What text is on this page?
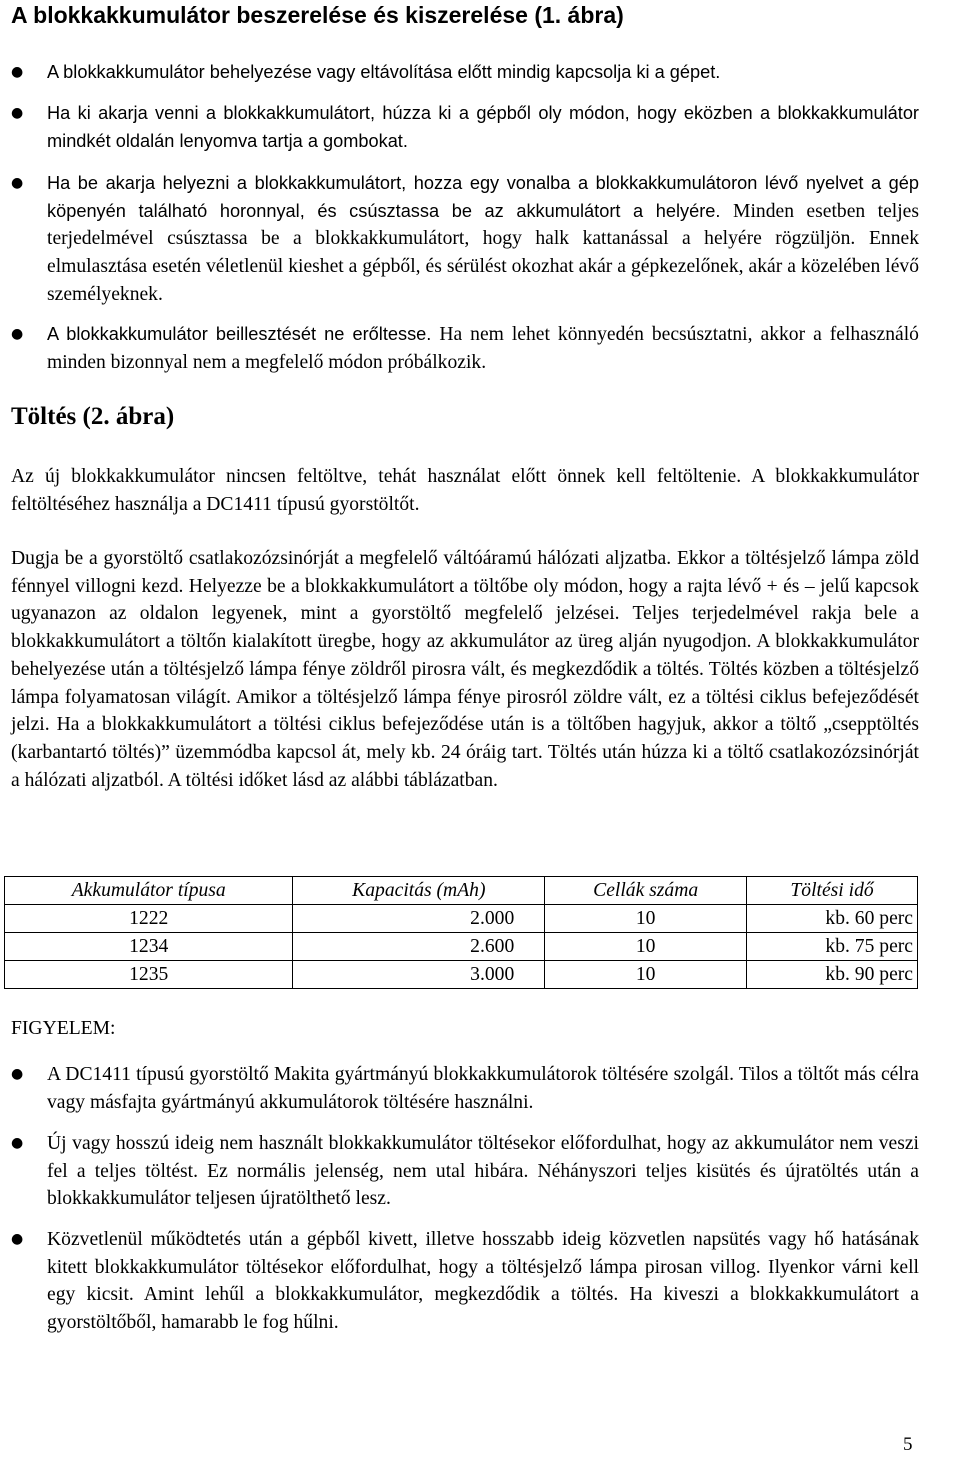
A blokkakkumulátor beszerelése és kiszerelése (1. ábra)
●	A blokkakkumulátor behelyezése vagy eltávolítása előtt mindig kapcsolja ki a gépet.
●	Ha ki akarja venni a blokkakkumulátort, húzza ki a gépből oly módon, hogy eközben a blokkakkumulátor mindkét oldalán lenyomva tartja a gombokat.
●	Ha be akarja helyezni a blokkakkumulátort, hozza egy vonalba a blokkakkumulátoron lévő nyelvet a gép köpenyén található horonnyal, és csúsztassa be az akkumulátort a helyére. Minden esetben teljes terjedelmével csúsztassa be a blokkakkumulátort, hogy halk kattanással a helyére rögzüljön. Ennek elmulasztása esetén véletlenül kieshet a gépből, és sérülést okozhat akár a gépkezelőnek, akár a közelében lévő személyeknek.
●	A blokkakkumulátor beillesztését ne erőltesse. Ha nem lehet könnyedén becsúsztatni, akkor a felhasználó minden bizonnyal nem a megfelelő módon próbálkozik.
Töltés (2. ábra)

Az új blokkakkumulátor nincsen feltöltve, tehát használat előtt önnek kell feltöltenie. A blokkakkumulátor feltöltéséhez használja a DC1411 típusú gyorstöltőt.

Dugja be a gyorstöltő csatlakozózsinórját a megfelelő váltóáramú hálózati aljzatba. Ekkor a töltésjelző lámpa zöld fénnyel villogni kezd. Helyezze be a blokkakkumulátort a töltőbe oly módon, hogy a rajta lévő + és – jelű kapcsok ugyanazon az oldalon legyenek, mint a gyorstöltő megfelelő jelzései. Teljes terjedelmével rakja bele a blokkakkumulátort a töltőn kialakított üregbe, hogy az akkumulátor az üreg alján nyugodjon. A blokkakkumulátor behelyezése után a töltésjelző lámpa fénye zöldről pirosra vált, és megkezdődik a töltés. Töltés közben a töltésjelző lámpa folyamatosan világít. Amikor a töltésjelző lámpa fénye pirosról zöldre vált, ez a töltési ciklus befejeződését jelzi. Ha a blokkakkumulátort a töltési ciklus befejeződése után is a töltőben hagyjuk, akkor a töltő „csepptöltés (karbantartó töltés)” üzemmódba kapcsol át, mely kb. 24 óráig tart. Töltés után húzza ki a töltő csatlakozózsinórját a hálózati aljzatból. A töltési időket lásd az alábbi táblázatban.

Akkumulátor típusa	Kapacitás (mAh)	Cellák száma	Töltési idő
1222	2.000	10	kb. 60 perc
1234	2.600	10	kb. 75 perc
1235	3.000	10	kb. 90 perc
FIGYELEM:
●	A DC1411 típusú gyorstöltő Makita gyártmányú blokkakkumulátorok töltésére szolgál. Tilos a töltőt más célra vagy másfajta gyártmányú akkumulátorok töltésére használni.
●	Új vagy hosszú ideig nem használt blokkakkumulátor töltésekor előfordulhat, hogy az akkumulátor nem veszi fel a teljes töltést. Ez normális jelenség, nem utal hibára. Néhányszori teljes kisütés és újratöltés után a blokkakkumulátor teljesen újratölthető lesz.
●	Közvetlenül működtetés után a gépből kivett, illetve hosszabb ideig közvetlen napsütés vagy hő hatásának kitett blokkakkumulátor töltésekor előfordulhat, hogy a töltésjelző lámpa pirosan villog. Ilyenkor várni kell egy kicsit. Amint lehűl a blokkakkumulátor, megkezdődik a töltés. Ha kiveszi a blokkakkumulátort a gyorstöltőből, hamarabb le fog hűlni.
5
